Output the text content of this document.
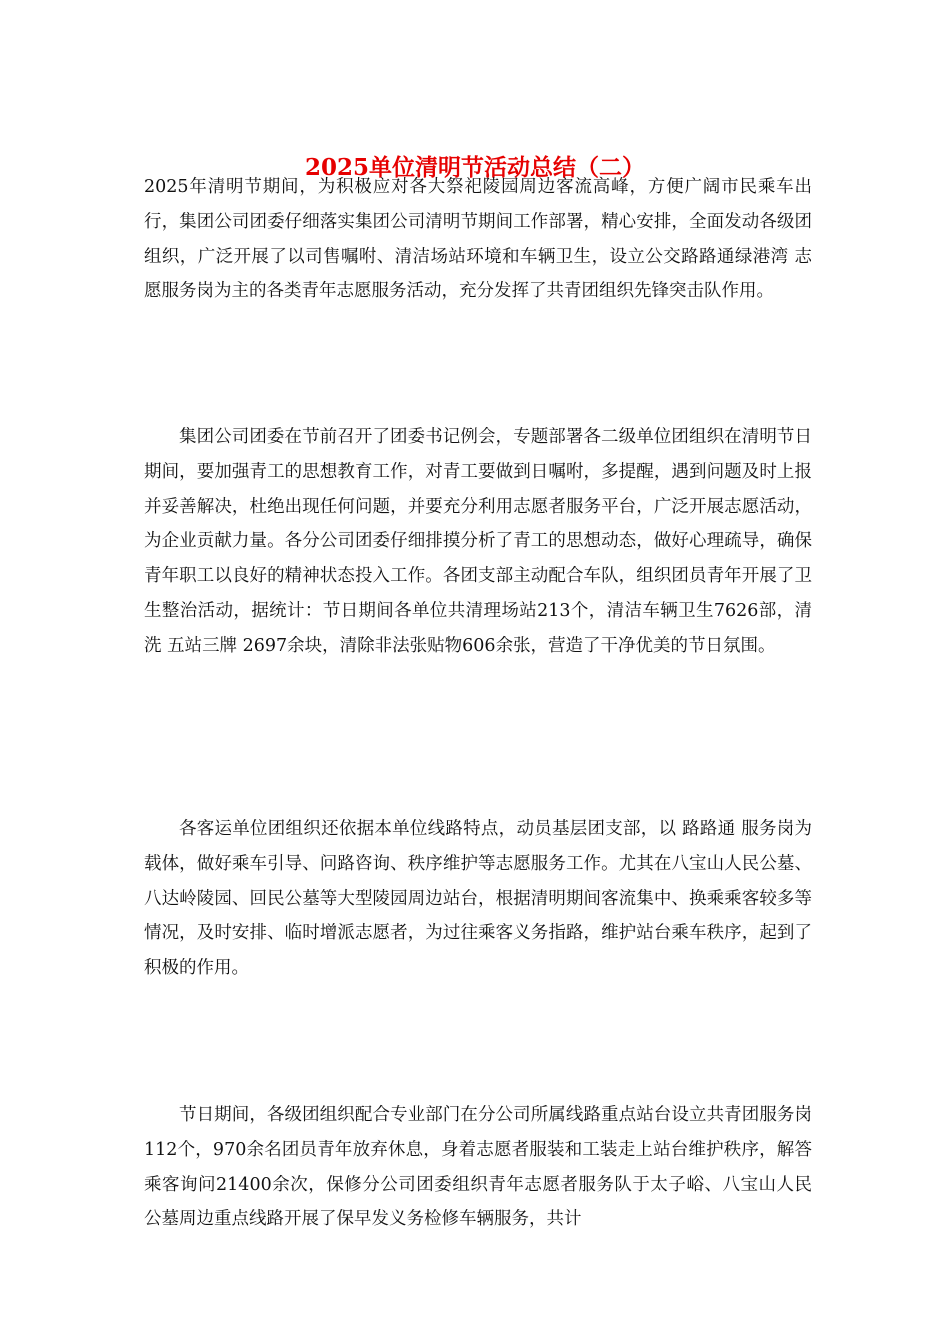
2025单位清明节活动总结（二）

2025年清明节期间，为积极应对各大祭祀陵园周边客流高峰，方便广阔市民乘车出行，集团公司团委仔细落实集团公司清明节期间工作部署，精心安排，全面发动各级团组织，广泛开展了以司售嘱咐、清洁场站环境和车辆卫生，设立公交路路通绿港湾 志愿服务岗为主的各类青年志愿服务活动，充分发挥了共青团组织先锋突击队作用。

集团公司团委在节前召开了团委书记例会，专题部署各二级单位团组织在清明节日期间，要加强青工的思想教育工作，对青工要做到日嘱咐，多提醒，遇到问题及时上报并妥善解决，杜绝出现任何问题，并要充分利用志愿者服务平台，广泛开展志愿活动，为企业贡献力量。各分公司团委仔细排摸分析了青工的思想动态，做好心理疏导，确保青年职工以良好的精神状态投入工作。各团支部主动配合车队，组织团员青年开展了卫生整治活动，据统计：节日期间各单位共清理场站213个，清洁车辆卫生7626部，清洗 五站三牌 2697余块，清除非法张贴物606余张，营造了干净优美的节日氛围。

各客运单位团组织还依据本单位线路特点，动员基层团支部，以 路路通 服务岗为载体，做好乘车引导、问路咨询、秩序维护等志愿服务工作。尤其在八宝山人民公墓、八达岭陵园、回民公墓等大型陵园周边站台，根据清明期间客流集中、换乘乘客较多等情况，及时安排、临时增派志愿者，为过往乘客义务指路，维护站台乘车秩序，起到了积极的作用。

节日期间，各级团组织配合专业部门在分公司所属线路重点站台设立共青团服务岗112个，970余名团员青年放弃休息，身着志愿者服装和工装走上站台维护秩序，解答乘客询问21400余次，保修分公司团委组织青年志愿者服务队于太子峪、八宝山人民公墓周边重点线路开展了保早发义务检修车辆服务，共计
